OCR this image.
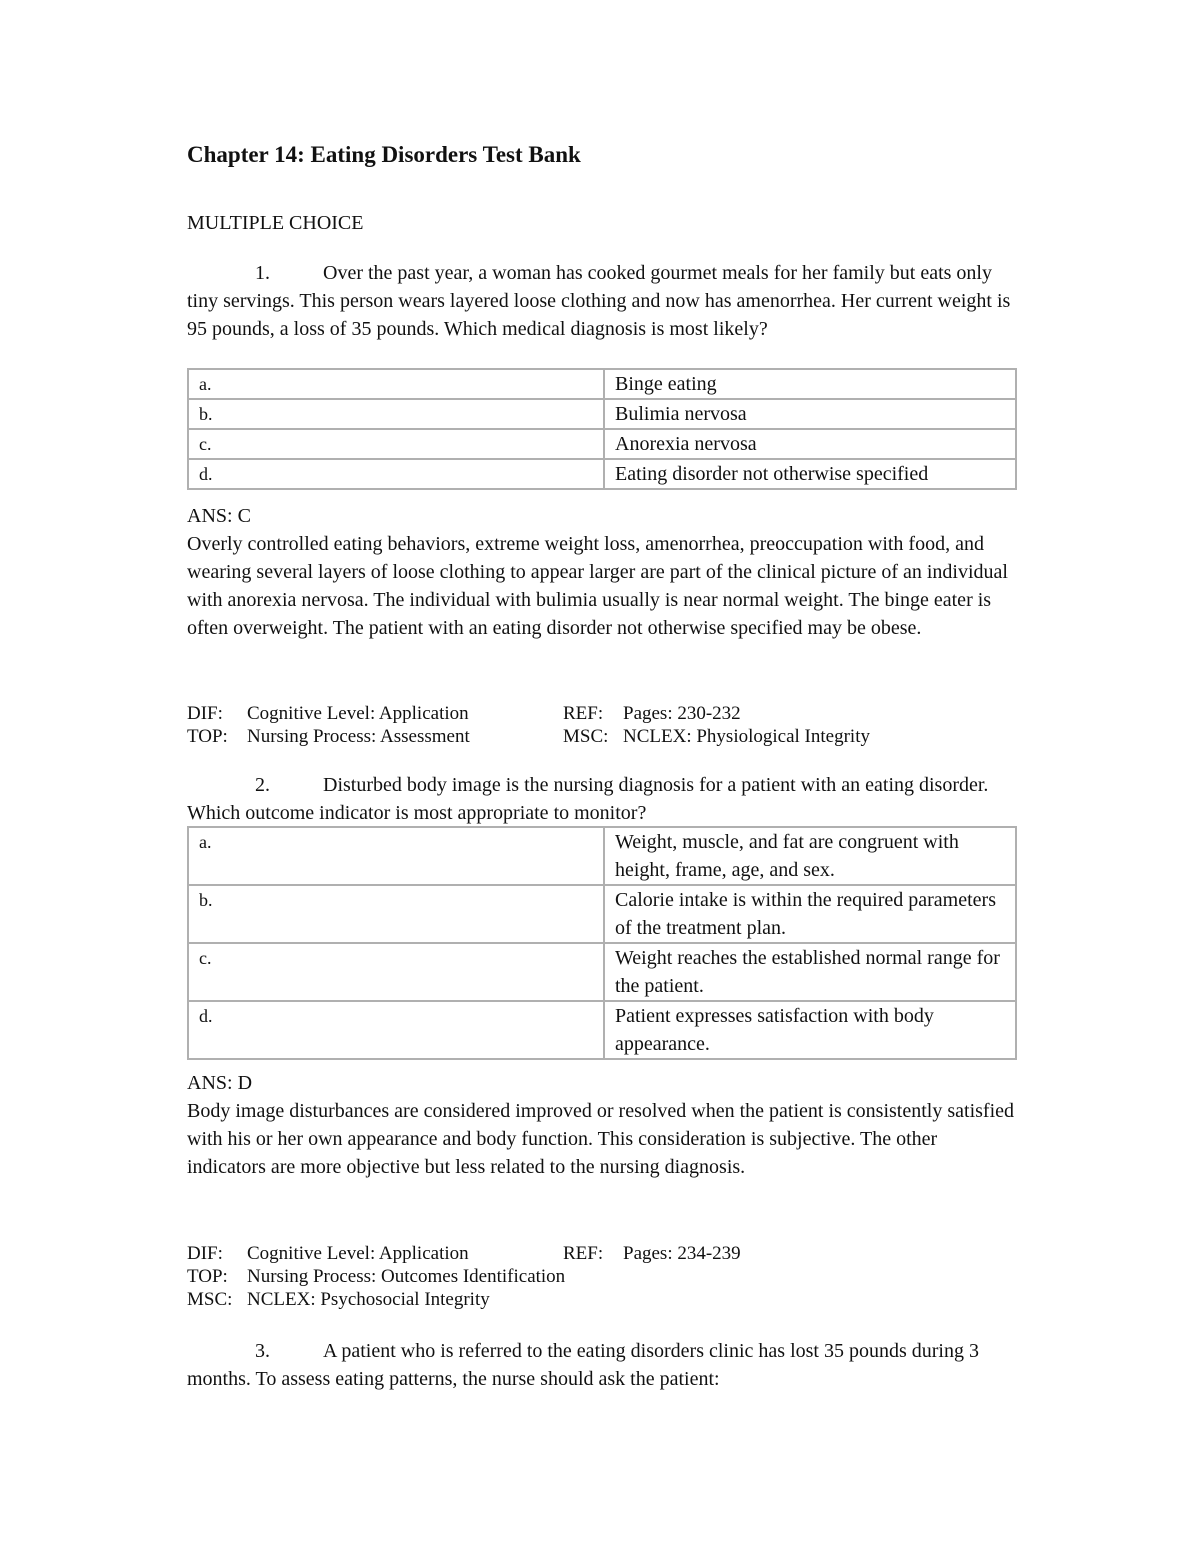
Chapter 14: Eating Disorders Test Bank
MULTIPLE CHOICE
1.	Over the past year, a woman has cooked gourmet meals for her family but eats only tiny servings. This person wears layered loose clothing and now has amenorrhea. Her current weight is 95 pounds, a loss of 35 pounds. Which medical diagnosis is most likely?
a.	Binge eating
b.	Bulimia nervosa
c.	Anorexia nervosa
d.	Eating disorder not otherwise specified
ANS: C
Overly controlled eating behaviors, extreme weight loss, amenorrhea, preoccupation with food, and wearing several layers of loose clothing to appear larger are part of the clinical picture of an individual with anorexia nervosa. The individual with bulimia usually is near normal weight. The binge eater is often overweight. The patient with an eating disorder not otherwise specified may be obese.
DIF: Cognitive Level: Application	REF: Pages: 230-232
TOP: Nursing Process: Assessment	MSC: NCLEX: Physiological Integrity
2.	Disturbed body image is the nursing diagnosis for a patient with an eating disorder. Which outcome indicator is most appropriate to monitor?
a.	Weight, muscle, and fat are congruent with height, frame, age, and sex.
b.	Calorie intake is within the required parameters of the treatment plan.
c.	Weight reaches the established normal range for the patient.
d.	Patient expresses satisfaction with body appearance.
ANS: D
Body image disturbances are considered improved or resolved when the patient is consistently satisfied with his or her own appearance and body function. This consideration is subjective. The other indicators are more objective but less related to the nursing diagnosis.
DIF: Cognitive Level: Application	REF: Pages: 234-239
TOP: Nursing Process: Outcomes Identification
MSC: NCLEX: Psychosocial Integrity
3.	A patient who is referred to the eating disorders clinic has lost 35 pounds during 3 months. To assess eating patterns, the nurse should ask the patient:
